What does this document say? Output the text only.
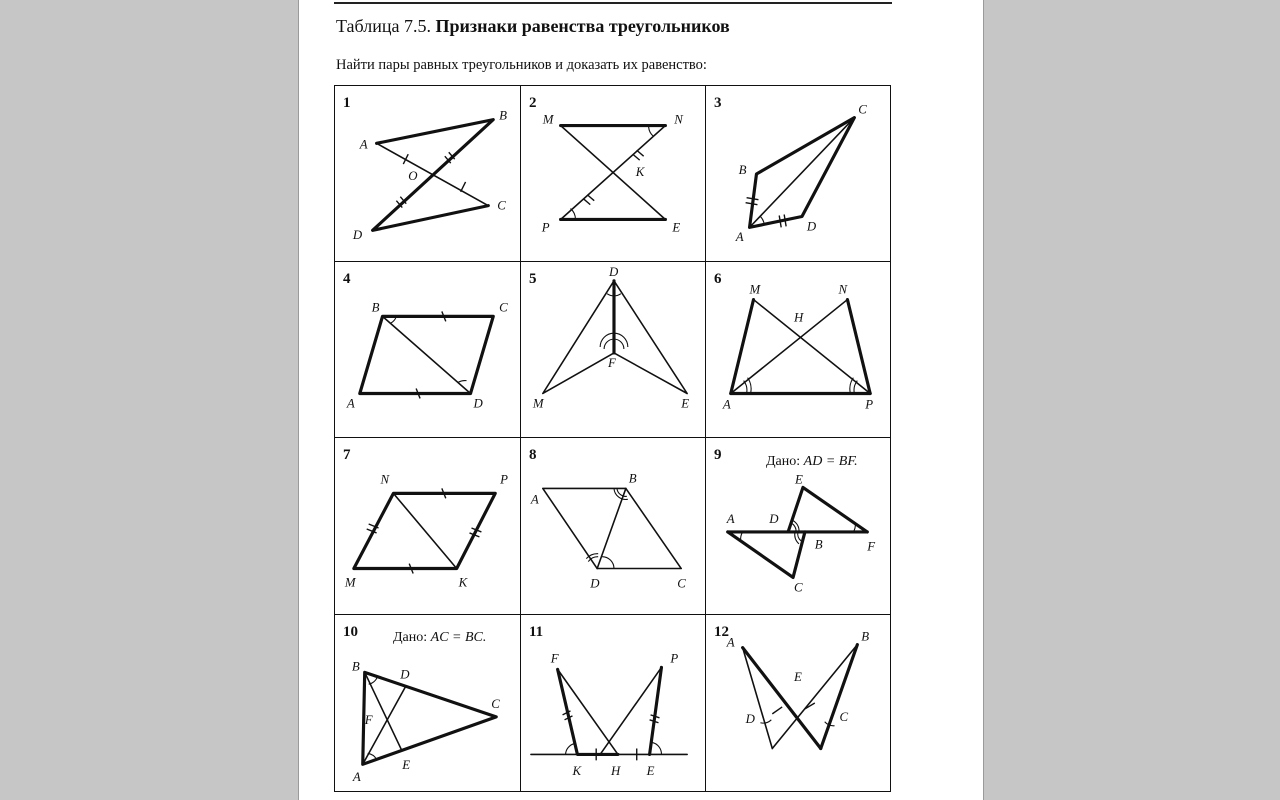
Таблица 7.5. Признаки равенства треугольников
Найти пары равных треугольников и доказать их равенство:
1
A
B
O
C
D
2
M	N
K
P	E
3	C
B
A
D
4
B	C
A	D
5	D
F
M	E
6
M	N
H
A	P
7
N	P
M	K
8
B
A
D	C
9	Дано: AD = BF.
E
A	D
B	F
C
10	Дано: AC = BC.
B
D
C
F
A
E
11
F	P
K H E
12
A	B
E
D	C
